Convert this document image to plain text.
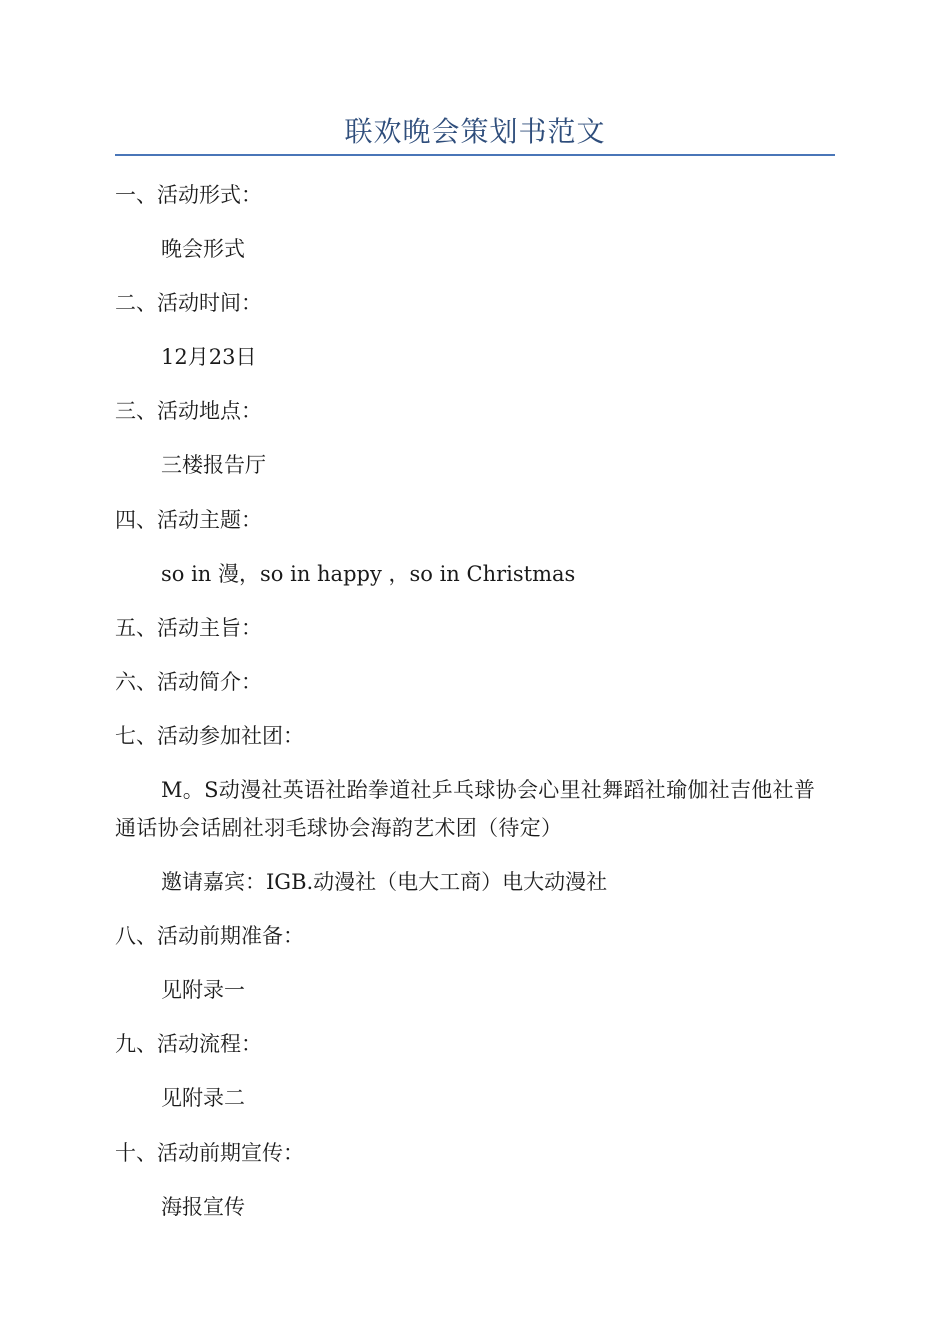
联欢晚会策划书范文
一、活动形式：
晚会形式
二、活动时间：
12月23日
三、活动地点：
三楼报告厅
四、活动主题：
so in 漫，so in happy ，so in Christmas
五、活动主旨：
六、活动简介：
七、活动参加社团：
M。S动漫社英语社跆拳道社乒乓球协会心里社舞蹈社瑜伽社吉他社普通话协会话剧社羽毛球协会海韵艺术团（待定）
邀请嘉宾：IGB.动漫社（电大工商）电大动漫社
八、活动前期准备：
见附录一
九、活动流程：
见附录二
十、活动前期宣传：
海报宣传
